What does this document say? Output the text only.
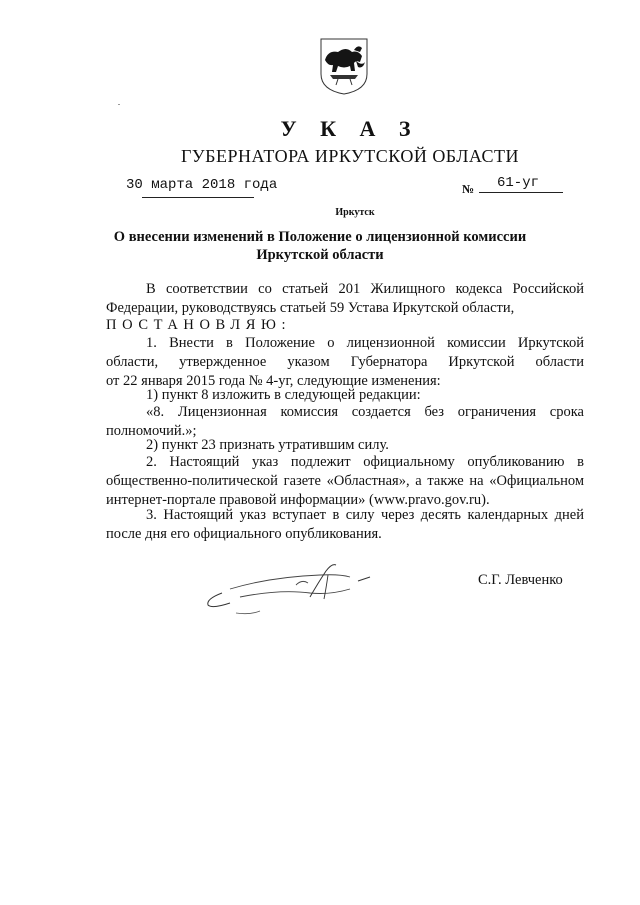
У К А З
ГУБЕРНАТОРА ИРКУТСКОЙ ОБЛАСТИ
30 марта 2018 года	№ 61-уг
Иркутск
О внесении изменений в Положение о лицензионной комиссии
Иркутской области
В соответствии со статьей 201 Жилищного кодекса Российской
Федерации, руководствуясь статьей 59 Устава Иркутской области,
ПОСТАНОВЛЯЮ:
1. Внести в Положение о лицензионной комиссии Иркутской
области, утвержденное указом Губернатора Иркутской области
от 22 января 2015 года № 4-уг, следующие изменения:
1) пункт 8 изложить в следующей редакции:
«8. Лицензионная комиссия создается без ограничения срока
полномочий.»;
2) пункт 23 признать утратившим силу.
2. Настоящий указ подлежит официальному опубликованию в
общественно-политической газете «Областная», а также на «Официальном
интернет-портале правовой информации» (www.pravo.gov.ru).
3. Настоящий указ вступает в силу через десять календарных дней
после дня его официального опубликования.
С.Г. Левченко
